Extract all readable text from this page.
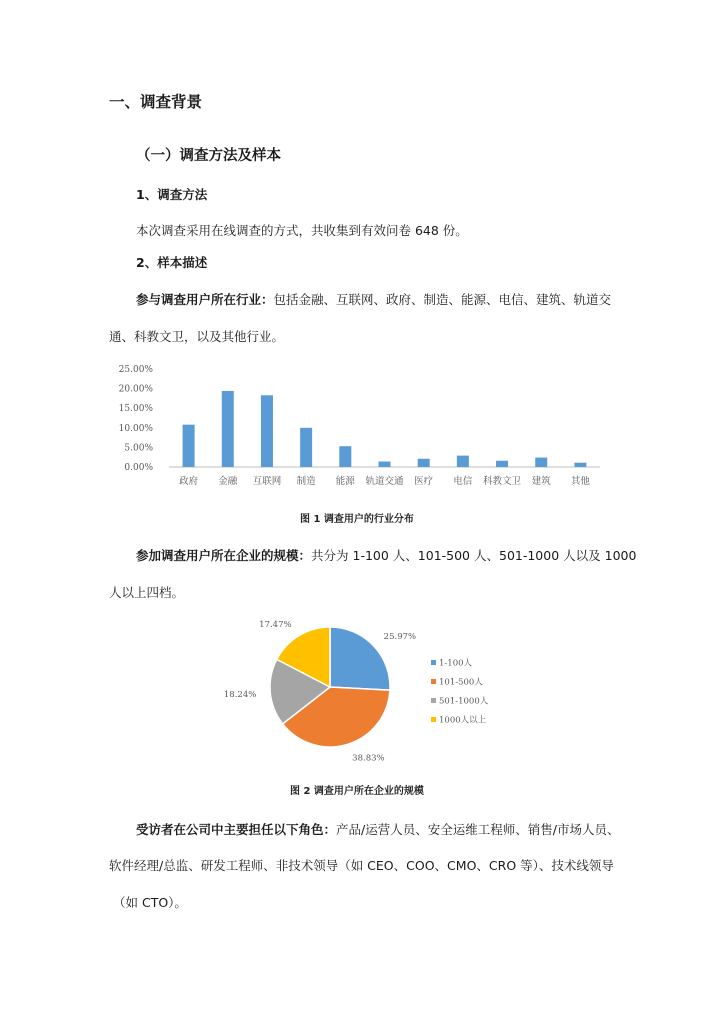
一、调查背景
（一）调查方法及样本
1、调查方法
本次调查采用在线调查的方式，共收集到有效问卷 648 份。
2、样本描述
参与调查用户所在行业：包括金融、互联网、政府、制造、能源、电信、建筑、轨道交
通、科教文卫，以及其他行业。
0.00%
5.00%
10.00%
15.00%
20.00%
25.00%
政府 金融 互联网 制造 能源 轨道交通 医疗 电信 科教文卫 建筑 其他
图 1 调查用户的行业分布
参加调查用户所在企业的规模：共分为 1-100 人、101-500 人、501-1000 人以及 1000
人以上四档。
25.97%
38.83%
18.24%
17.47%
1-100人
101-500人
501-1000人
1000人以上
图 2 调查用户所在企业的规模
受访者在公司中主要担任以下角色：产品/运营人员、安全运维工程师、销售/市场人员、
软件经理/总监、研发工程师、非技术领导（如 CEO、COO、CMO、CRO 等）、技术线领导
（如 CTO）。
